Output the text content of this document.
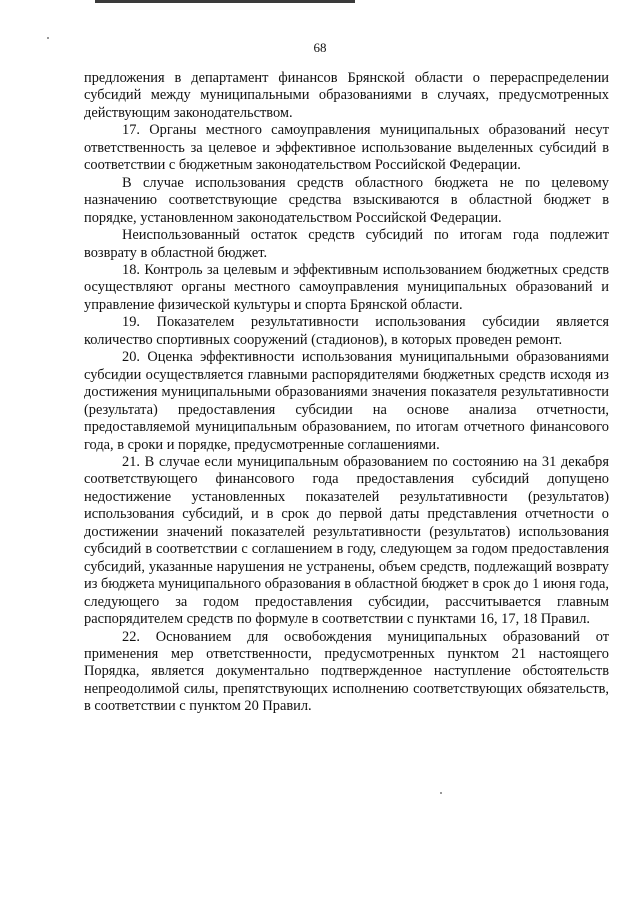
68

предложения в департамент финансов Брянской области о перераспределении субсидий между муниципальными образованиями в случаях, предусмотренных действующим законодательством.

17. Органы местного самоуправления муниципальных образований несут ответственность за целевое и эффективное использование выделенных субсидий в соответствии с бюджетным законодательством Российской Федерации.

В случае использования средств областного бюджета не по целевому назначению соответствующие средства взыскиваются в областной бюджет в порядке, установленном законодательством Российской Федерации.

Неиспользованный остаток средств субсидий по итогам года подлежит возврату в областной бюджет.

18. Контроль за целевым и эффективным использованием бюджетных средств осуществляют органы местного самоуправления муниципальных образований и управление физической культуры и спорта Брянской области.

19. Показателем результативности использования субсидии является количество спортивных сооружений (стадионов), в которых проведен ремонт.

20. Оценка эффективности использования муниципальными образованиями субсидии осуществляется главными распорядителями бюджетных средств исходя из достижения муниципальными образованиями значения показателя результативности (результата) предоставления субсидии на основе анализа отчетности, предоставляемой муниципальным образованием, по итогам отчетного финансового года, в сроки и порядке, предусмотренные соглашениями.

21. В случае если муниципальным образованием по состоянию на 31 декабря соответствующего финансового года предоставления субсидий допущено недостижение установленных показателей результативности (результатов) использования субсидий, и в срок до первой даты представления отчетности о достижении значений показателей результативности (результатов) использования субсидий в соответствии с соглашением в году, следующем за годом предоставления субсидий, указанные нарушения не устранены, объем средств, подлежащий возврату из бюджета муниципального образования в областной бюджет в срок до 1 июня года, следующего за годом предоставления субсидии, рассчитывается главным распорядителем средств по формуле в соответствии с пунктами 16, 17, 18 Правил.

22. Основанием для освобождения муниципальных образований от применения мер ответственности, предусмотренных пунктом 21 настоящего Порядка, является документально подтвержденное наступление обстоятельств непреодолимой силы, препятствующих исполнению соответствующих обязательств, в соответствии с пунктом 20 Правил.
